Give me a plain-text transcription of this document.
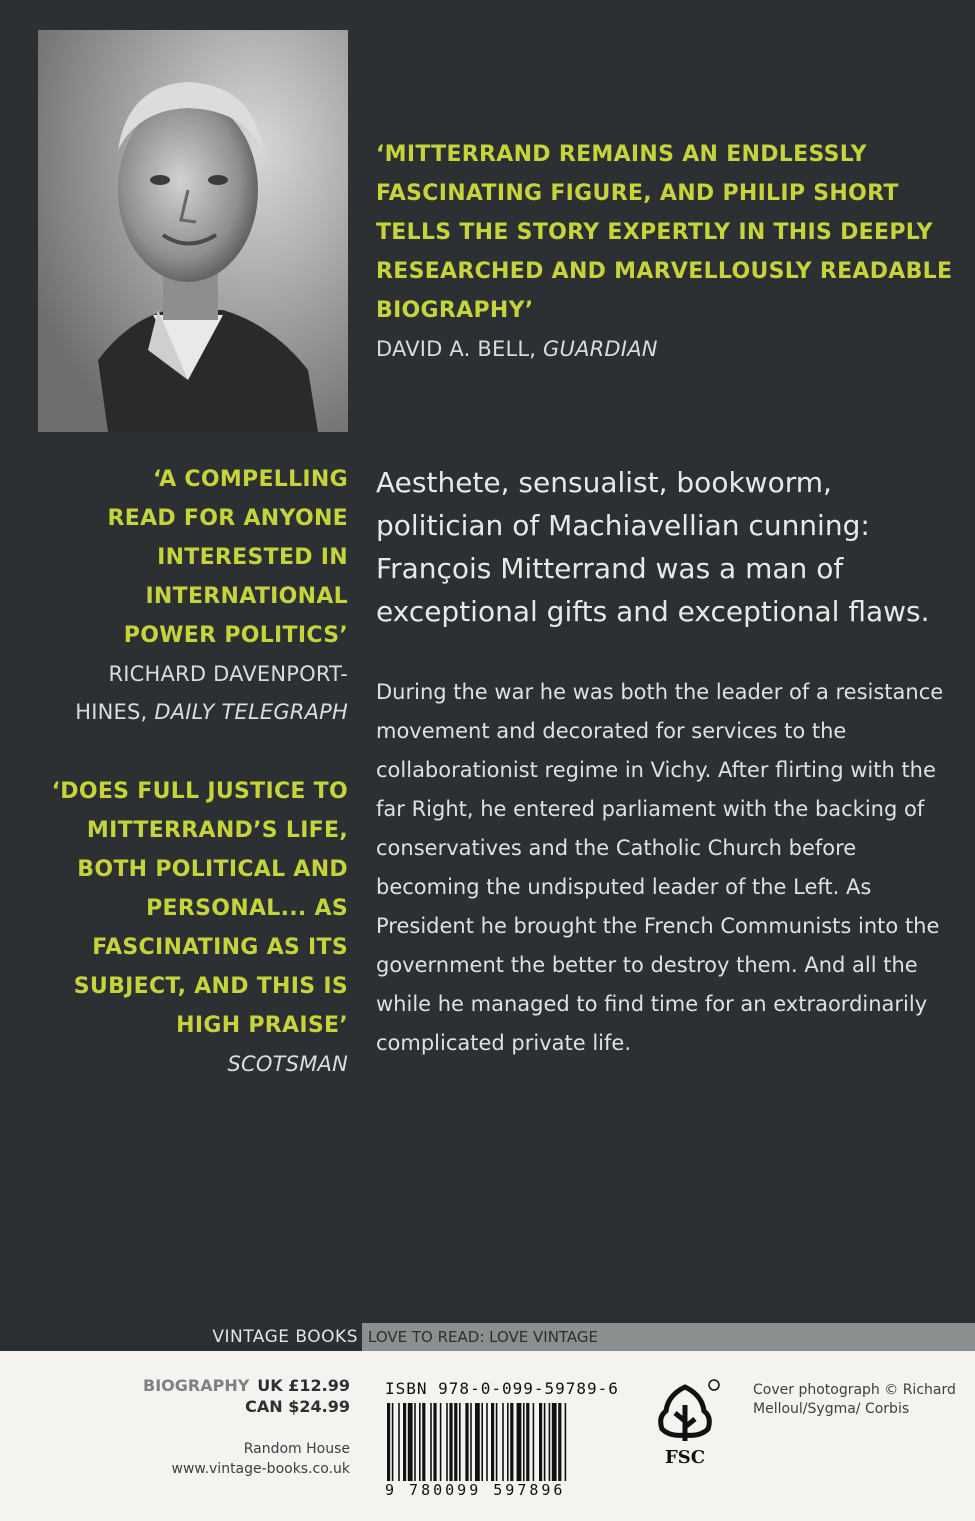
‘MITTERRAND REMAINS AN ENDLESSLY FASCINATING FIGURE, AND PHILIP SHORT TELLS THE STORY EXPERTLY IN THIS DEEPLY RESEARCHED AND MARVELLOUSLY READABLE BIOGRAPHY’
DAVID A. BELL, GUARDIAN
‘A COMPELLING
READ FOR ANYONE
INTERESTED IN
INTERNATIONAL
POWER POLITICS’
RICHARD DAVENPORT-
HINES, DAILY TELEGRAPH
‘DOES FULL JUSTICE TO
MITTERRAND’S LIFE,
BOTH POLITICAL AND
PERSONAL... AS
FASCINATING AS ITS
SUBJECT, AND THIS IS
HIGH PRAISE’
SCOTSMAN
Aesthete, sensualist, bookworm, politician of Machiavellian cunning: François Mitterrand was a man of exceptional gifts and exceptional flaws.
During the war he was both the leader of a resistance movement and decorated for services to the collaborationist regime in Vichy. After flirting with the far Right, he entered parliament with the backing of conservatives and the Catholic Church before becoming the undisputed leader of the Left. As President he brought the French Communists into the government the better to destroy them. And all the while he managed to find time for an extraordinarily complicated private life.
VINTAGE BOOKS LOVE TO READ: LOVE VINTAGE
BIOGRAPHY UK £12.99
CAN $24.99
Random House
www.vintage-books.co.uk
ISBN 978-0-099-59789-6
9 780099 597896
FSC
Cover photograph © Richard Melloul/Sygma/ Corbis
